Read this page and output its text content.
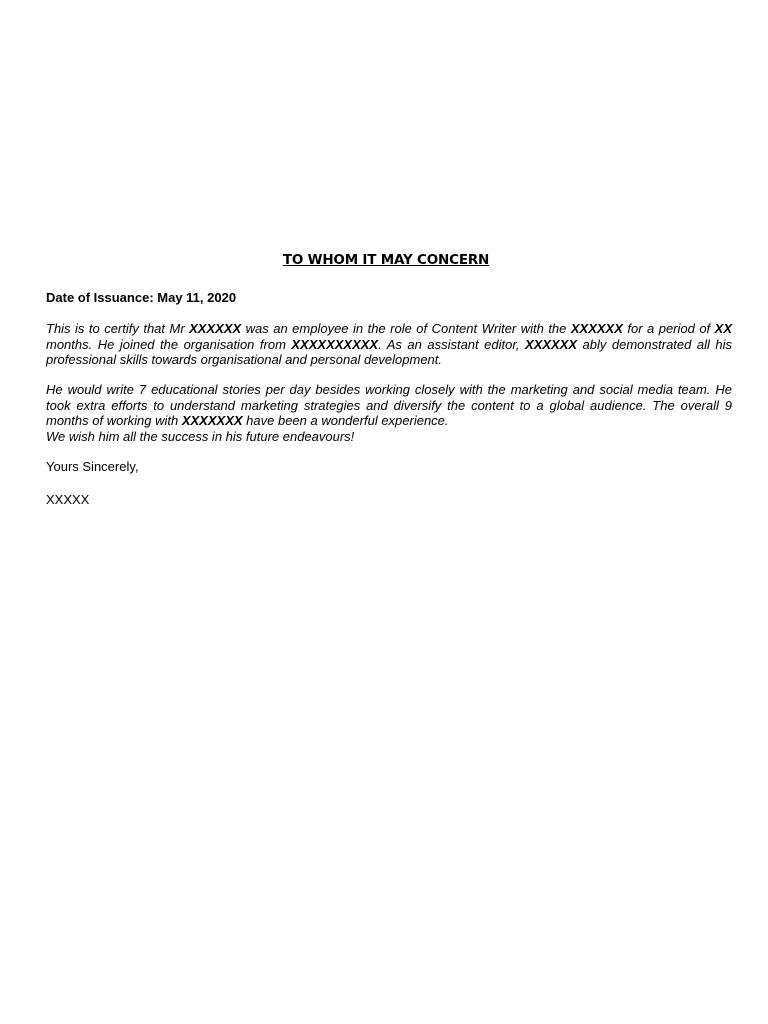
TO WHOM IT MAY CONCERN
Date of Issuance: May 11, 2020
This is to certify that Mr XXXXXX was an employee in the role of Content Writer with the XXXXXX for a period of XX months. He joined the organisation from XXXXXXXXXX. As an assistant editor, XXXXXX ably demonstrated all his professional skills towards organisational and personal development.
He would write 7 educational stories per day besides working closely with the marketing and social media team. He took extra efforts to understand marketing strategies and diversify the content to a global audience. The overall 9 months of working with XXXXXXX have been a wonderful experience.
We wish him all the success in his future endeavours!
Yours Sincerely,
XXXXX
